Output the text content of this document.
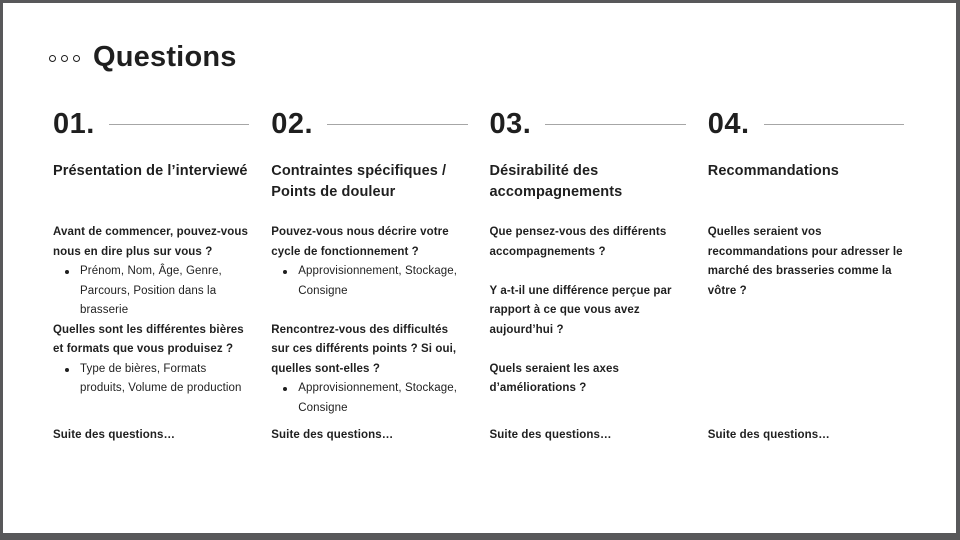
Questions
01.
Présentation de l’interviewé

Avant de commencer, pouvez-vous nous en dire plus sur vous ?

Prénom, Nom, Âge, Genre, Parcours, Position dans la brasserie

Quelles sont les différentes bières et formats que vous produisez ?

Type de bières, Formats produits, Volume de production

Suite des questions…

02.
Contraintes spécifiques / Points de douleur

Pouvez-vous nous décrire votre cycle de fonctionnement ?

Approvisionnement, Stockage, Consigne

Rencontrez-vous des difficultés sur ces différents points ? Si oui, quelles sont-elles ?

Approvisionnement, Stockage, Consigne

Suite des questions…

03.
Désirabilité des accompagnements

Que pensez-vous des différents accompagnements ?

Y a-t-il une différence perçue par rapport à ce que vous avez aujourd’hui ?

Quels seraient les axes d’améliorations ?

Suite des questions…

04.
Recommandations

Quelles seraient vos recommandations pour adresser le marché des brasseries comme la vôtre ?

Suite des questions…
